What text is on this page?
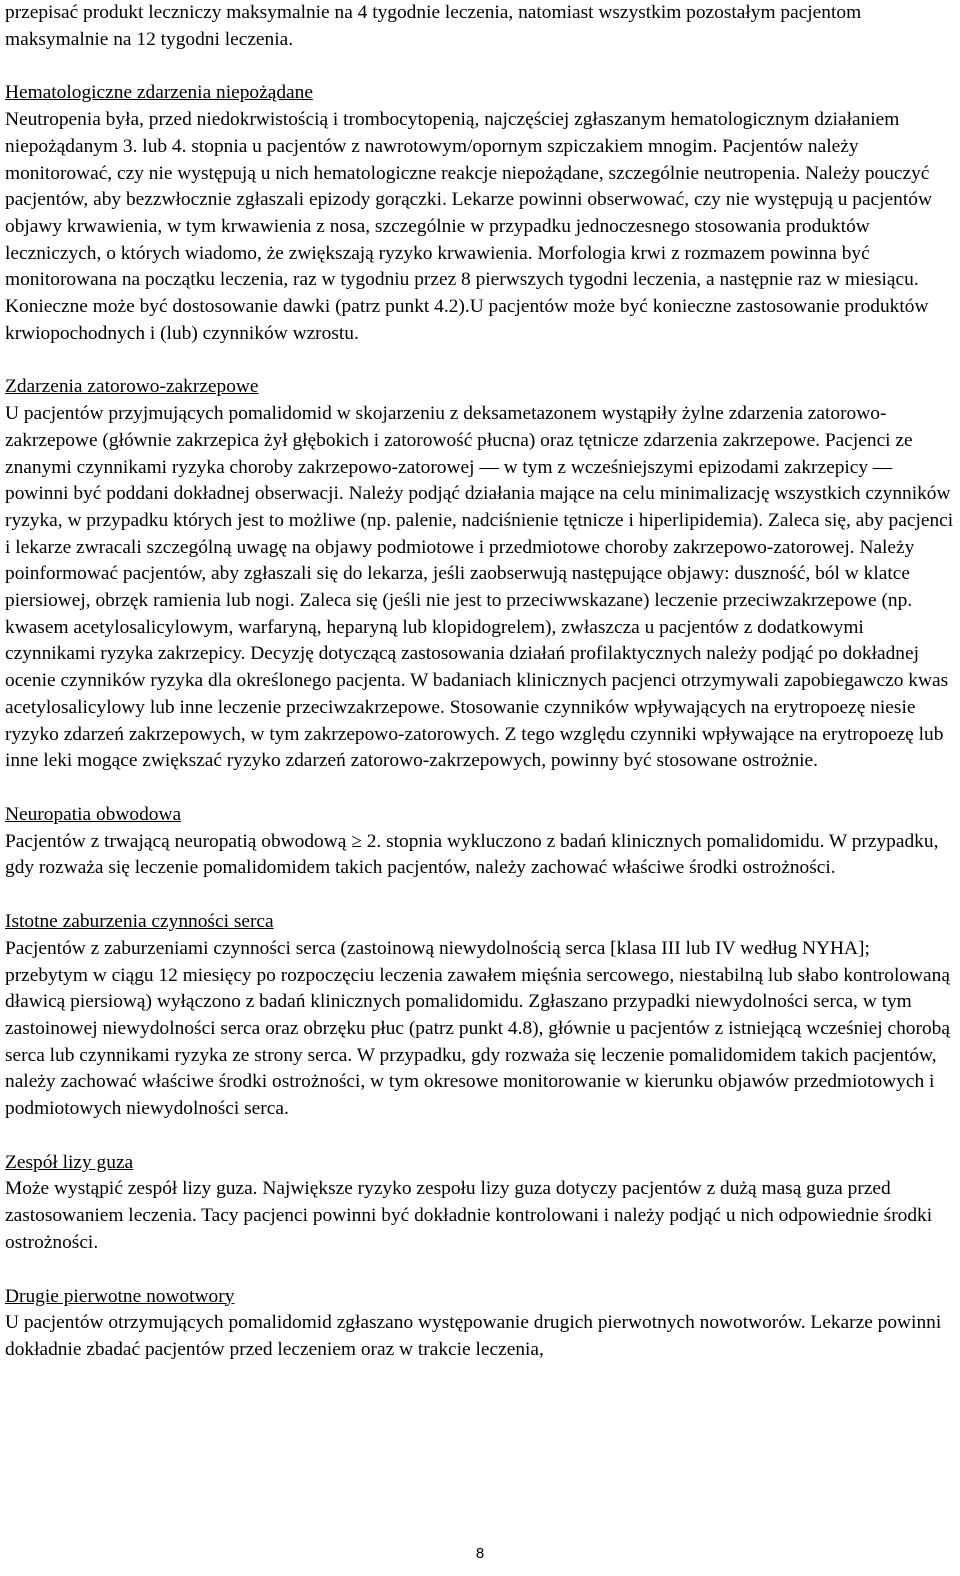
przepisać produkt leczniczy maksymalnie na 4 tygodnie leczenia, natomiast wszystkim pozostałym pacjentom maksymalnie na 12 tygodni leczenia.

Hematologiczne zdarzenia niepożądane

Neutropenia była, przed niedokrwistością i trombocytopenią, najczęściej zgłaszanym hematologicznym działaniem niepożądanym 3. lub 4. stopnia u pacjentów z nawrotowym/opornym szpiczakiem mnogim. Pacjentów należy monitorować, czy nie występują u nich hematologiczne reakcje niepożądane, szczególnie neutropenia. Należy pouczyć pacjentów, aby bezzwłocznie zgłaszali epizody gorączki. Lekarze powinni obserwować, czy nie występują u pacjentów objawy krwawienia, w tym krwawienia z nosa, szczególnie w przypadku jednoczesnego stosowania produktów leczniczych, o których wiadomo, że zwiększają ryzyko krwawienia. Morfologia krwi z rozmazem powinna być monitorowana na początku leczenia, raz w tygodniu przez 8 pierwszych tygodni leczenia, a następnie raz w miesiącu. Konieczne może być dostosowanie dawki (patrz punkt 4.2).U pacjentów może być konieczne zastosowanie produktów krwiopochodnych i (lub) czynników wzrostu.

Zdarzenia zatorowo-zakrzepowe

U pacjentów przyjmujących pomalidomid w skojarzeniu z deksametazonem wystąpiły żylne zdarzenia zatorowo-zakrzepowe (głównie zakrzepica żył głębokich i zatorowość płucna) oraz tętnicze zdarzenia zakrzepowe. Pacjenci ze znanymi czynnikami ryzyka choroby zakrzepowo-zatorowej — w tym z wcześniejszymi epizodami zakrzepicy — powinni być poddani dokładnej obserwacji. Należy podjąć działania mające na celu minimalizację wszystkich czynników ryzyka, w przypadku których jest to możliwe (np. palenie, nadciśnienie tętnicze i hiperlipidemia). Zaleca się, aby pacjenci i lekarze zwracali szczególną uwagę na objawy podmiotowe i przedmiotowe choroby zakrzepowo-zatorowej. Należy poinformować pacjentów, aby zgłaszali się do lekarza, jeśli zaobserwują następujące objawy: duszność, ból w klatce piersiowej, obrzęk ramienia lub nogi. Zaleca się (jeśli nie jest to przeciwwskazane) leczenie przeciwzakrzepowe (np. kwasem acetylosalicylowym, warfaryną, heparyną lub klopidogrelem), zwłaszcza u pacjentów z dodatkowymi czynnikami ryzyka zakrzepicy. Decyzję dotyczącą zastosowania działań profilaktycznych należy podjąć po dokładnej ocenie czynników ryzyka dla określonego pacjenta. W badaniach klinicznych pacjenci otrzymywali zapobiegawczo kwas acetylosalicylowy lub inne leczenie przeciwzakrzepowe. Stosowanie czynników wpływających na erytropoezę niesie ryzyko zdarzeń zakrzepowych, w tym zakrzepowo-zatorowych. Z tego względu czynniki wpływające na erytropoezę lub inne leki mogące zwiększać ryzyko zdarzeń zatorowo-zakrzepowych, powinny być stosowane ostrożnie.

Neuropatia obwodowa

Pacjentów z trwającą neuropatią obwodową ≥ 2. stopnia wykluczono z badań klinicznych pomalidomidu. W przypadku, gdy rozważa się leczenie pomalidomidem takich pacjentów, należy zachować właściwe środki ostrożności.

Istotne zaburzenia czynności serca

Pacjentów z zaburzeniami czynności serca (zastoinową niewydolnością serca [klasa III lub IV według NYHA]; przebytym w ciągu 12 miesięcy po rozpoczęciu leczenia zawałem mięśnia sercowego, niestabilną lub słabo kontrolowaną dławicą piersiową) wyłączono z badań klinicznych pomalidomidu. Zgłaszano przypadki niewydolności serca, w tym zastoinowej niewydolności serca oraz obrzęku płuc (patrz punkt 4.8), głównie u pacjentów z istniejącą wcześniej chorobą serca lub czynnikami ryzyka ze strony serca. W przypadku, gdy rozważa się leczenie pomalidomidem takich pacjentów, należy zachować właściwe środki ostrożności, w tym okresowe monitorowanie w kierunku objawów przedmiotowych i podmiotowych niewydolności serca.

Zespół lizy guza

Może wystąpić zespół lizy guza. Największe ryzyko zespołu lizy guza dotyczy pacjentów z dużą masą guza przed zastosowaniem leczenia. Tacy pacjenci powinni być dokładnie kontrolowani i należy podjąć u nich odpowiednie środki ostrożności.

Drugie pierwotne nowotwory

U pacjentów otrzymujących pomalidomid zgłaszano występowanie drugich pierwotnych nowotworów. Lekarze powinni dokładnie zbadać pacjentów przed leczeniem oraz w trakcie leczenia,

8
